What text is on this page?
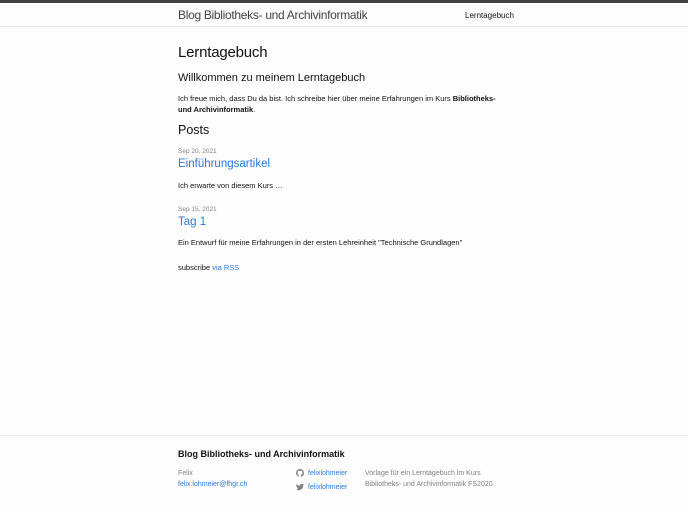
Blog Bibliotheks- und Archivinformatik	Lerntagebuch
Lerntagebuch
Willkommen zu meinem Lerntagebuch

Ich freue mich, dass Du da bist. Ich schreibe hier über meine Erfahrungen im Kurs Bibliotheks- und Archivinformatik.

Posts
Sep 20, 2021
Einführungsartikel

Ich erwarte von diesem Kurs …

Sep 15, 2021
Tag 1

Ein Entwurf für meine Erfahrungen in der ersten Lehreinheit "Technische Grundlagen"

subscribe via RSS

Blog Bibliotheks- und Archivinformatik
Felix
felix.lohmeier@fhgr.ch
felixlohmeier
felixlohmeier

Vorlage für ein Lerntagebuch im Kurs Bibliotheks- und Archivinformatik FS2020
